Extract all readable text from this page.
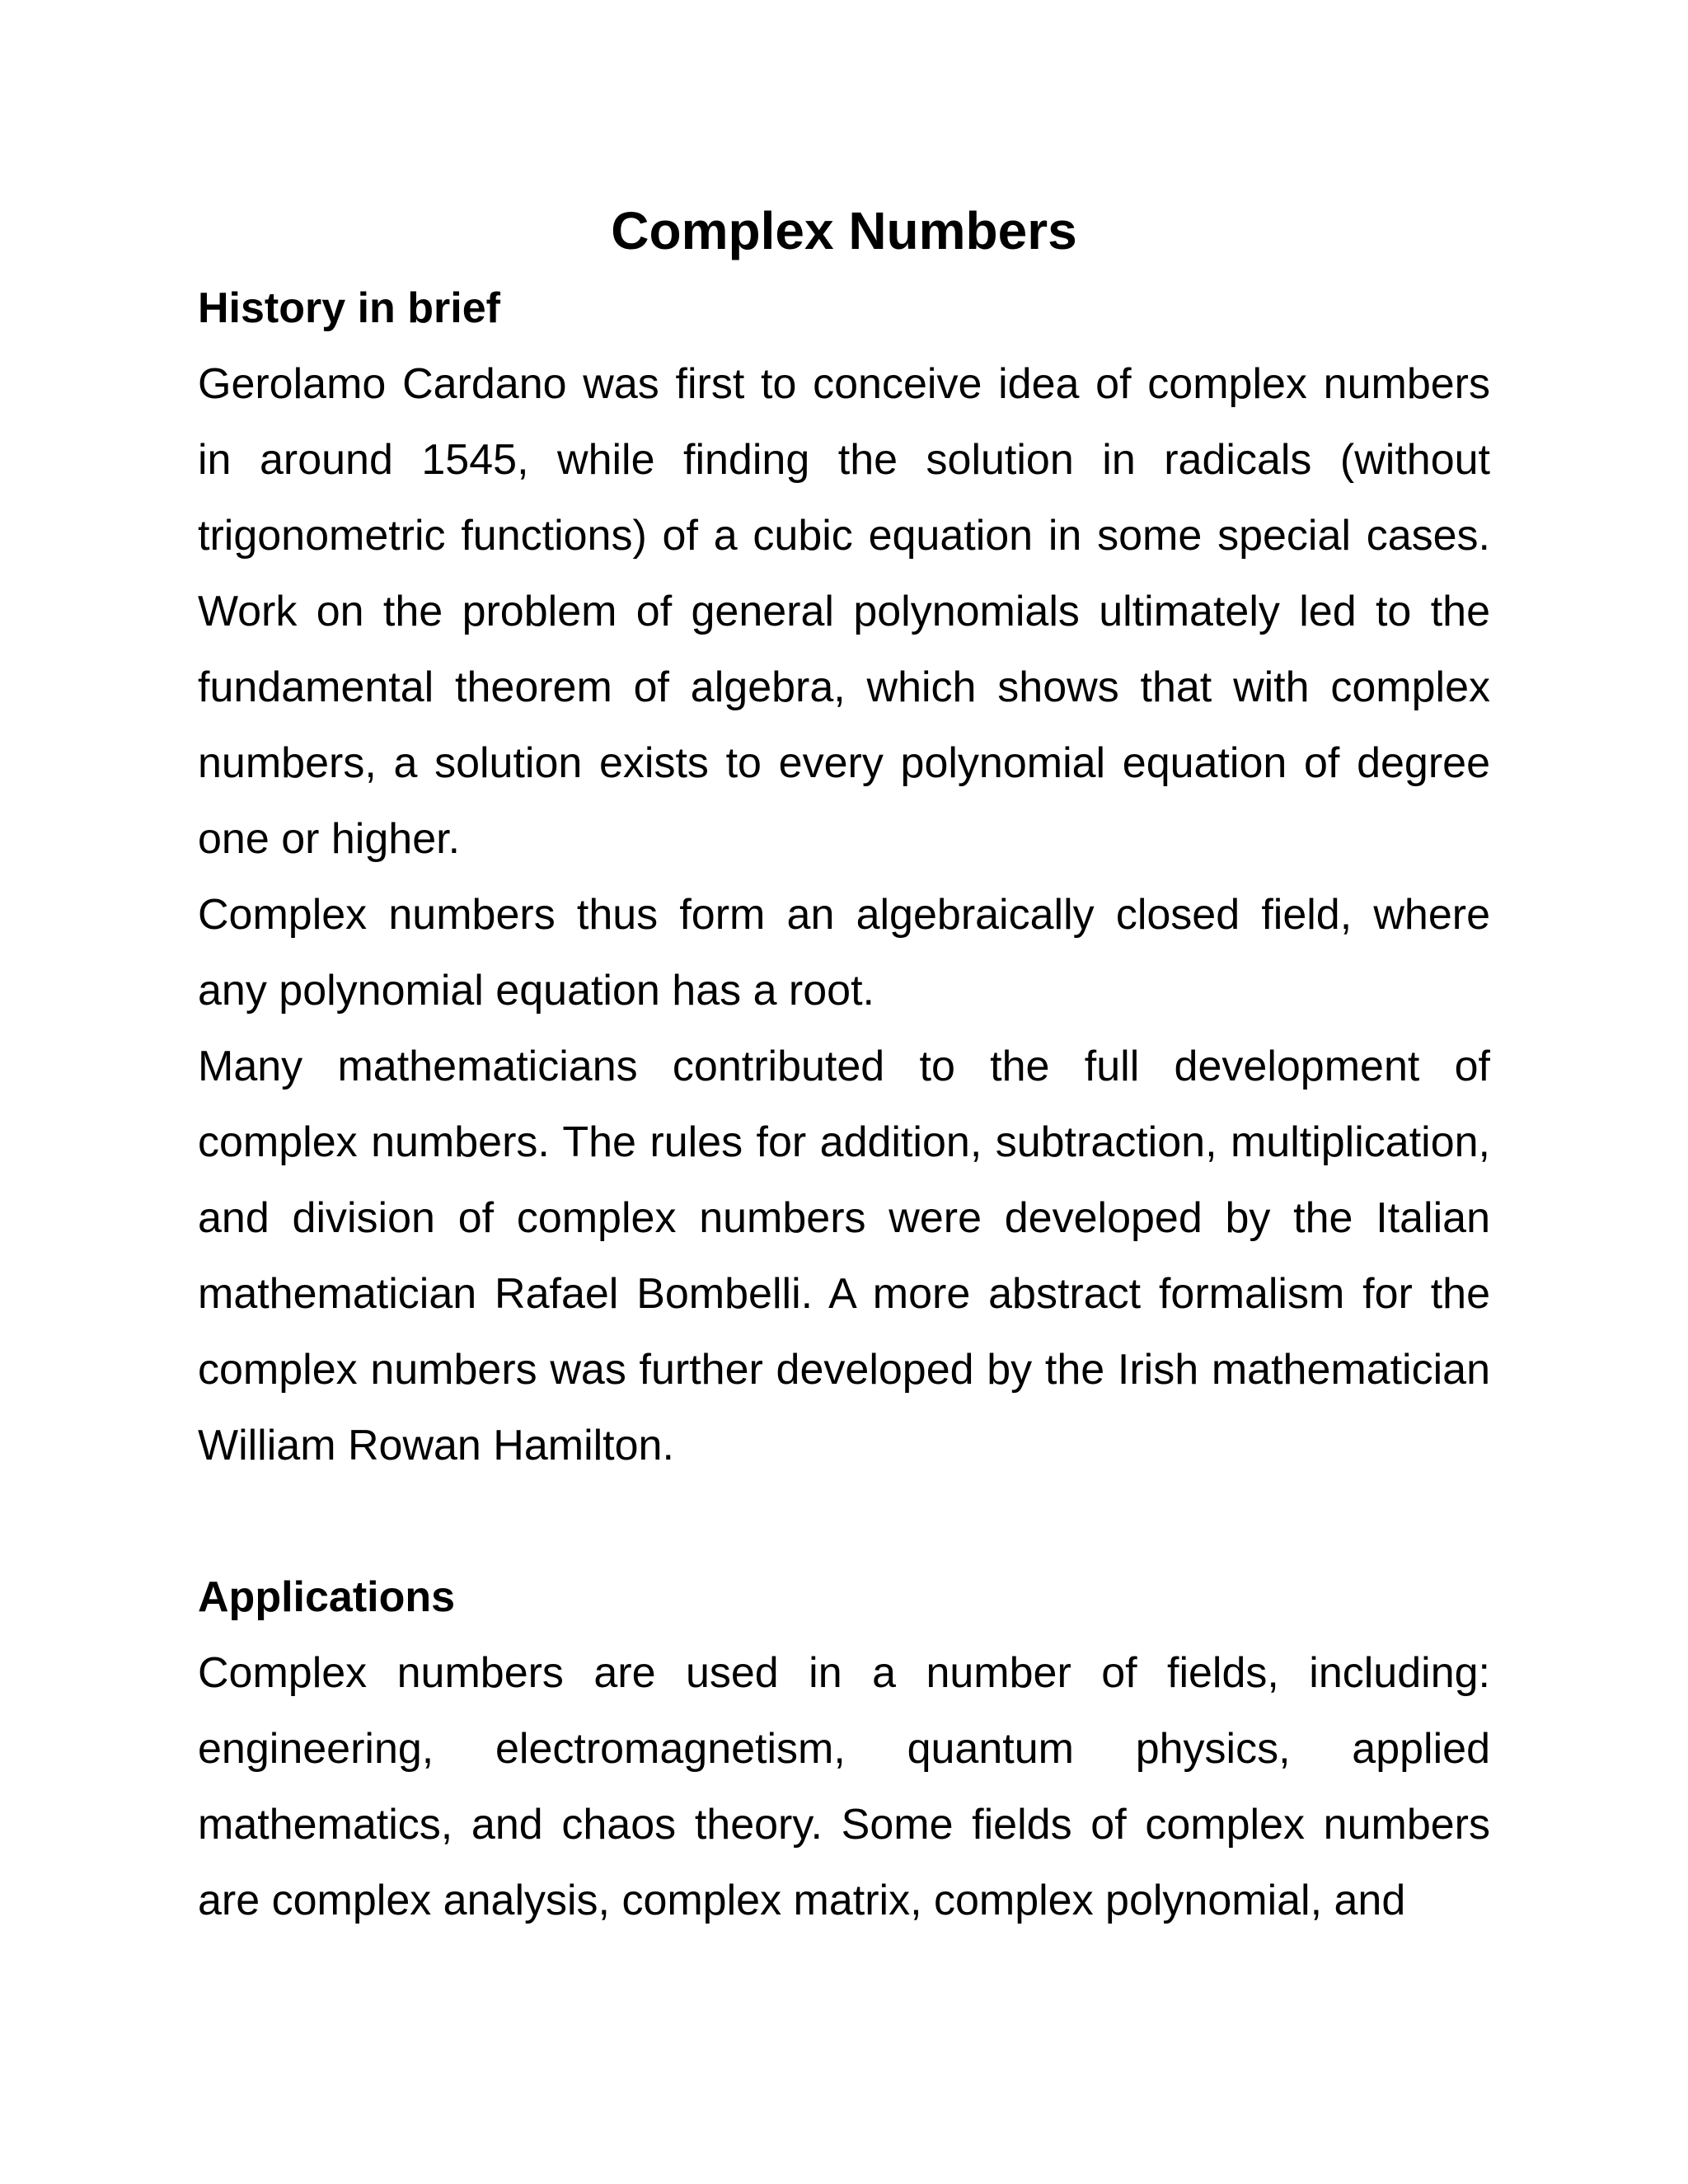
Complex Numbers
History in brief

Gerolamo Cardano was first to conceive idea of complex numbers in around 1545, while finding the solution in radicals (without trigonometric functions) of a cubic equation in some special cases. Work on the problem of general polynomials ultimately led to the fundamental theorem of algebra, which shows that with complex numbers, a solution exists to every polynomial equation of degree one or higher.

Complex numbers thus form an algebraically closed field, where any polynomial equation has a root.

Many mathematicians contributed to the full development of complex numbers. The rules for addition, subtraction, multiplication, and division of complex numbers were developed by the Italian mathematician Rafael Bombelli. A more abstract formalism for the complex numbers was further developed by the Irish mathematician William Rowan Hamilton.

Applications

Complex numbers are used in a number of fields, including: engineering, electromagnetism, quantum physics, applied mathematics, and chaos theory. Some fields of complex numbers are complex analysis, complex matrix, complex polynomial, and
